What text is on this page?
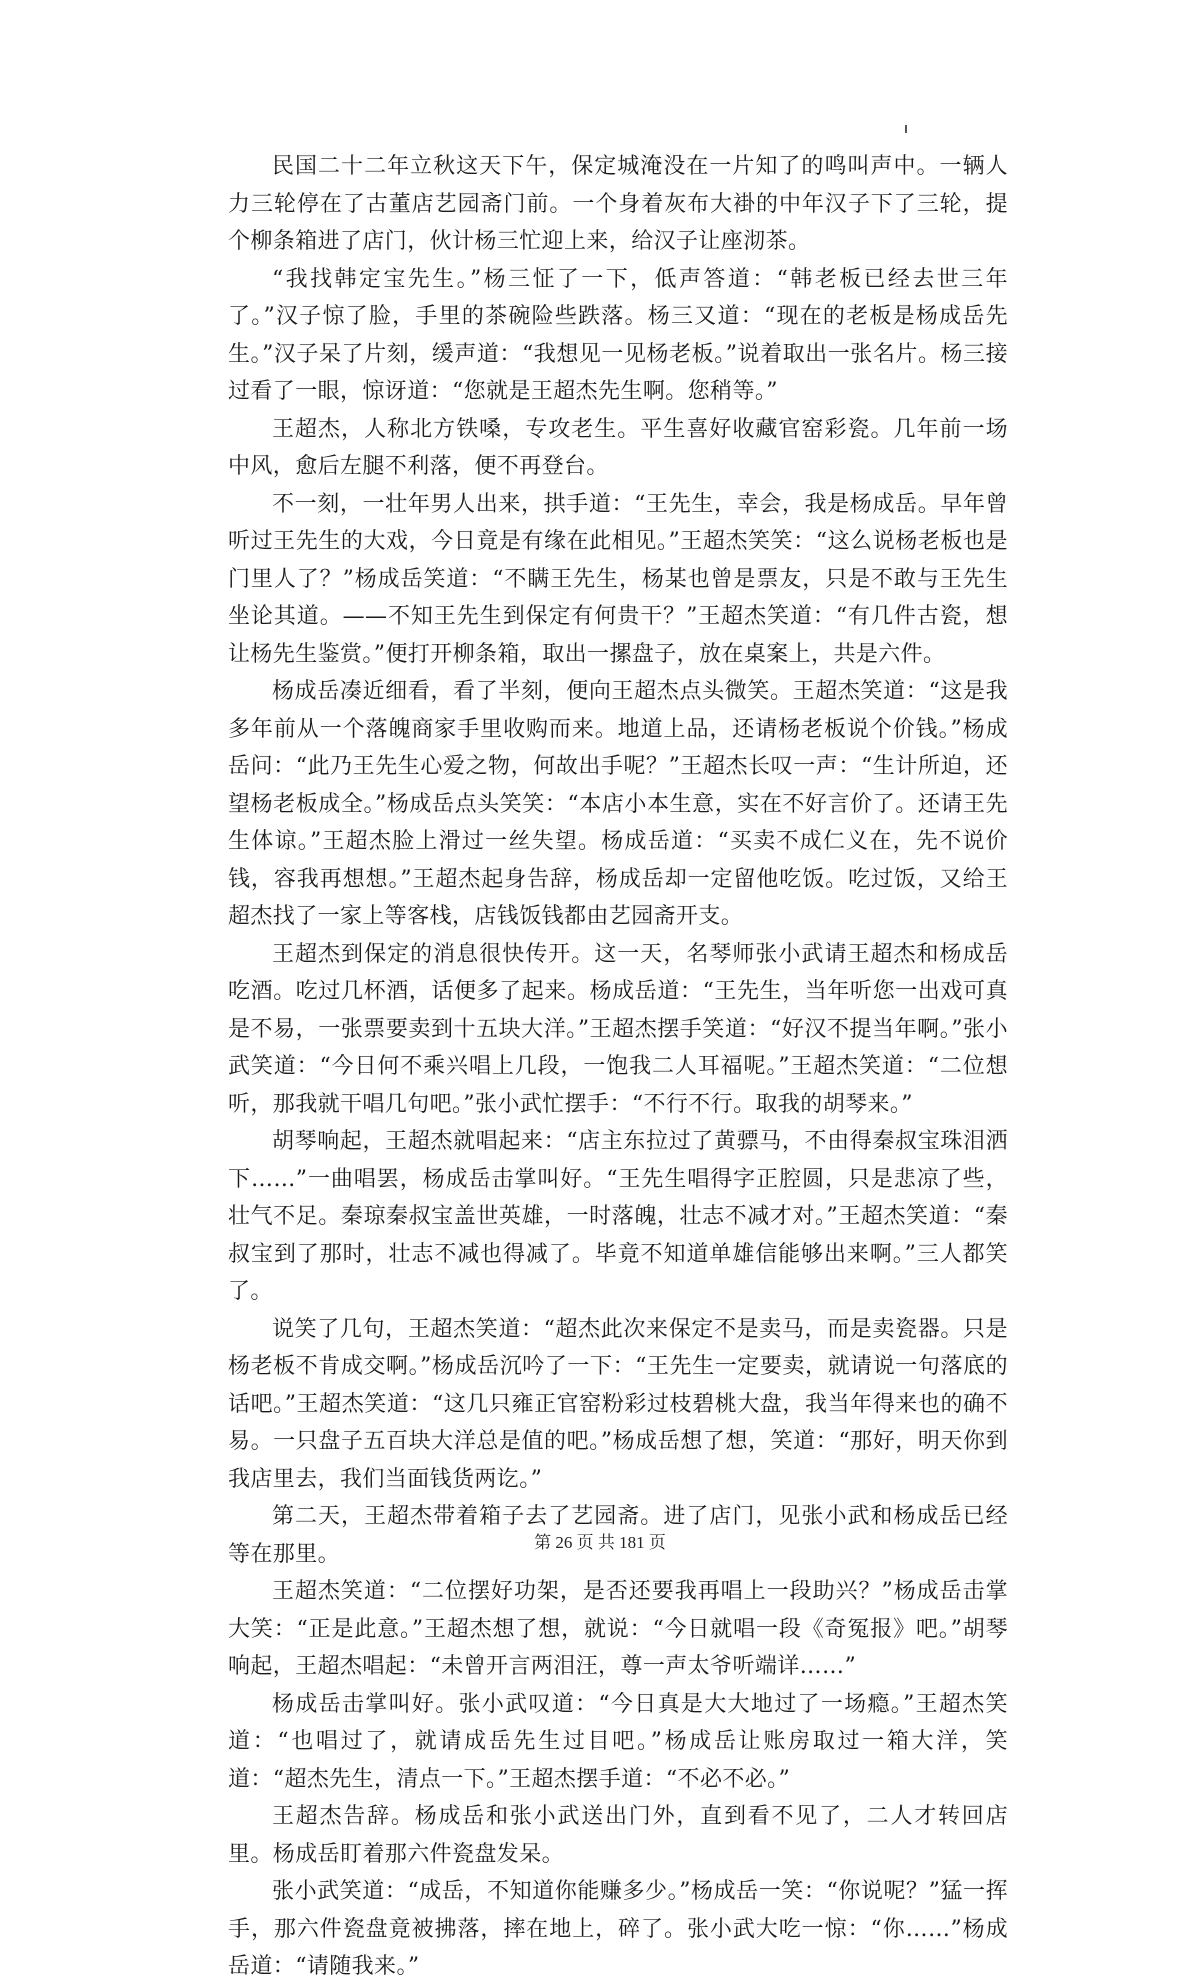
民国二十二年立秋这天下午，保定城淹没在一片知了的鸣叫声中。一辆人力三轮停在了古董店艺园斋门前。一个身着灰布大褂的中年汉子下了三轮，提个柳条箱进了店门，伙计杨三忙迎上来，给汉子让座沏茶。

“我找韩定宝先生。”杨三怔了一下，低声答道：“韩老板已经去世三年了。”汉子惊了脸，手里的茶碗险些跌落。杨三又道：“现在的老板是杨成岳先生。”汉子呆了片刻，缓声道：“我想见一见杨老板。”说着取出一张名片。杨三接过看了一眼，惊讶道：“您就是王超杰先生啊。您稍等。”

王超杰，人称北方铁嗓，专攻老生。平生喜好收藏官窑彩瓷。几年前一场中风，愈后左腿不利落，便不再登台。

不一刻，一壮年男人出来，拱手道：“王先生，幸会，我是杨成岳。早年曾听过王先生的大戏，今日竟是有缘在此相见。”王超杰笑笑：“这么说杨老板也是门里人了？”杨成岳笑道：“不瞒王先生，杨某也曾是票友，只是不敢与王先生坐论其道。——不知王先生到保定有何贵干？”王超杰笑道：“有几件古瓷，想让杨先生鉴赏。”便打开柳条箱，取出一摞盘子，放在桌案上，共是六件。

杨成岳凑近细看，看了半刻，便向王超杰点头微笑。王超杰笑道：“这是我多年前从一个落魄商家手里收购而来。地道上品，还请杨老板说个价钱。”杨成岳问：“此乃王先生心爱之物，何故出手呢？”王超杰长叹一声：“生计所迫，还望杨老板成全。”杨成岳点头笑笑：“本店小本生意，实在不好言价了。还请王先生体谅。”王超杰脸上滑过一丝失望。杨成岳道：“买卖不成仁义在，先不说价钱，容我再想想。”王超杰起身告辞，杨成岳却一定留他吃饭。吃过饭，又给王超杰找了一家上等客栈，店钱饭钱都由艺园斋开支。

王超杰到保定的消息很快传开。这一天，名琴师张小武请王超杰和杨成岳吃酒。吃过几杯酒，话便多了起来。杨成岳道：“王先生，当年听您一出戏可真是不易，一张票要卖到十五块大洋。”王超杰摆手笑道：“好汉不提当年啊。”张小武笑道：“今日何不乘兴唱上几段，一饱我二人耳福呢。”王超杰笑道：“二位想听，那我就干唱几句吧。”张小武忙摆手：“不行不行。取我的胡琴来。”

胡琴响起，王超杰就唱起来：“店主东拉过了黄骠马，不由得秦叔宝珠泪洒下……”一曲唱罢，杨成岳击掌叫好。“王先生唱得字正腔圆，只是悲凉了些，壮气不足。秦琼秦叔宝盖世英雄，一时落魄，壮志不减才对。”王超杰笑道：“秦叔宝到了那时，壮志不减也得减了。毕竟不知道单雄信能够出来啊。”三人都笑了。

说笑了几句，王超杰笑道：“超杰此次来保定不是卖马，而是卖瓷器。只是杨老板不肯成交啊。”杨成岳沉吟了一下：“王先生一定要卖，就请说一句落底的话吧。”王超杰笑道：“这几只雍正官窑粉彩过枝碧桃大盘，我当年得来也的确不易。一只盘子五百块大洋总是值的吧。”杨成岳想了想，笑道：“那好，明天你到我店里去，我们当面钱货两讫。”

第二天，王超杰带着箱子去了艺园斋。进了店门，见张小武和杨成岳已经等在那里。

王超杰笑道：“二位摆好功架，是否还要我再唱上一段助兴？”杨成岳击掌大笑：“正是此意。”王超杰想了想，就说：“今日就唱一段《奇冤报》吧。”胡琴响起，王超杰唱起：“未曾开言两泪汪，尊一声太爷听端详……”

杨成岳击掌叫好。张小武叹道：“今日真是大大地过了一场瘾。”王超杰笑道：“也唱过了，就请成岳先生过目吧。”杨成岳让账房取过一箱大洋，笑道：“超杰先生，清点一下。”王超杰摆手道：“不必不必。”

王超杰告辞。杨成岳和张小武送出门外，直到看不见了，二人才转回店里。杨成岳盯着那六件瓷盘发呆。

张小武笑道：“成岳，不知道你能赚多少。”杨成岳一笑：“你说呢？”猛一挥手，那六件瓷盘竟被拂落，摔在地上，碎了。张小武大吃一惊：“你……”杨成岳道：“请随我来。”

第 26 页 共 181 页
